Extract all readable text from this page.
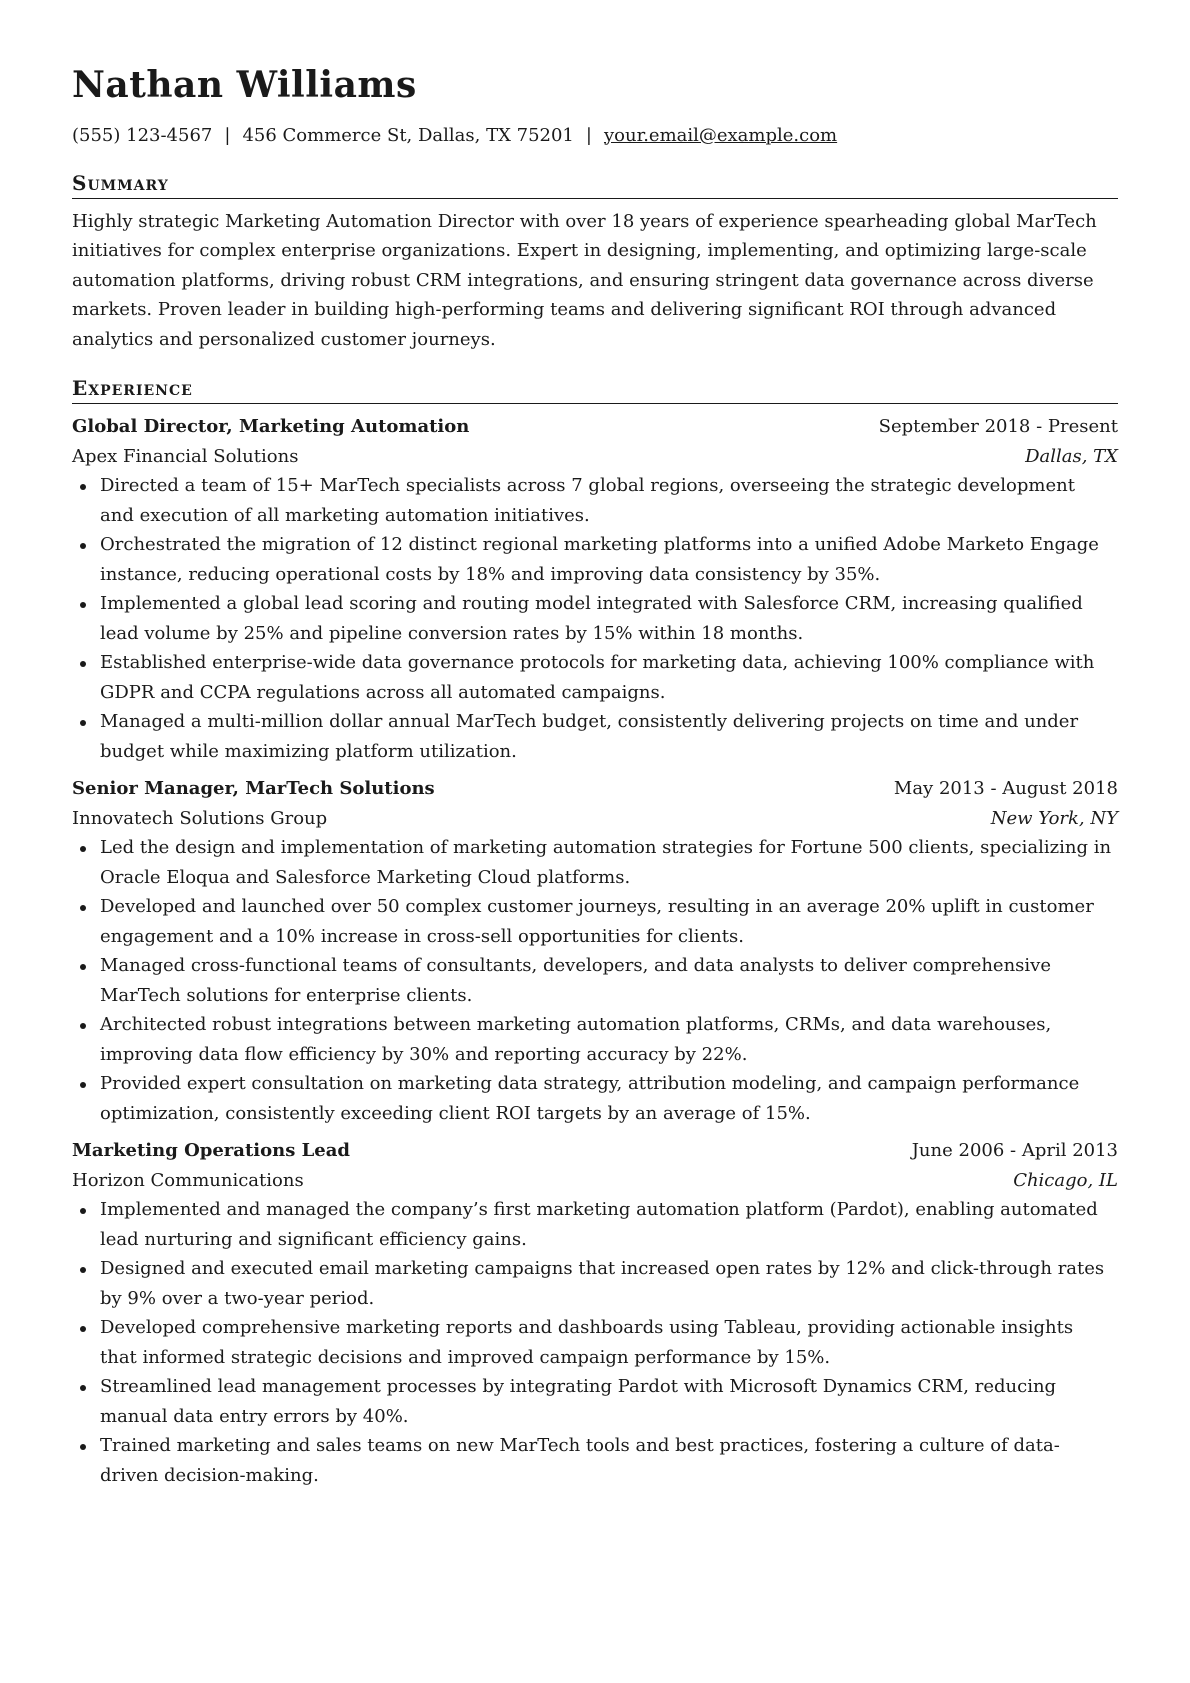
Nathan Williams
(555) 123-4567 | 456 Commerce St, Dallas, TX 75201 | your.email@example.com
Summary

Highly strategic Marketing Automation Director with over 18 years of experience spearheading global MarTech initiatives for complex enterprise organizations. Expert in designing, implementing, and optimizing large-scale automation platforms, driving robust CRM integrations, and ensuring stringent data governance across diverse markets. Proven leader in building high-performing teams and delivering significant ROI through advanced analytics and personalized customer journeys.

Experience
Global Director, Marketing Automation	September 2018 - Present
Apex Financial Solutions	Dallas, TX
Directed a team of 15+ MarTech specialists across 7 global regions, overseeing the strategic development and execution of all marketing automation initiatives.
Orchestrated the migration of 12 distinct regional marketing platforms into a unified Adobe Marketo Engage instance, reducing operational costs by 18% and improving data consistency by 35%.
Implemented a global lead scoring and routing model integrated with Salesforce CRM, increasing qualified lead volume by 25% and pipeline conversion rates by 15% within 18 months.
Established enterprise-wide data governance protocols for marketing data, achieving 100% compliance with GDPR and CCPA regulations across all automated campaigns.
Managed a multi-million dollar annual MarTech budget, consistently delivering projects on time and under budget while maximizing platform utilization.
Senior Manager, MarTech Solutions	May 2013 - August 2018
Innovatech Solutions Group	New York, NY
Led the design and implementation of marketing automation strategies for Fortune 500 clients, specializing in Oracle Eloqua and Salesforce Marketing Cloud platforms.
Developed and launched over 50 complex customer journeys, resulting in an average 20% uplift in customer engagement and a 10% increase in cross-sell opportunities for clients.
Managed cross-functional teams of consultants, developers, and data analysts to deliver comprehensive MarTech solutions for enterprise clients.
Architected robust integrations between marketing automation platforms, CRMs, and data warehouses, improving data flow efficiency by 30% and reporting accuracy by 22%.
Provided expert consultation on marketing data strategy, attribution modeling, and campaign performance optimization, consistently exceeding client ROI targets by an average of 15%.
Marketing Operations Lead	June 2006 - April 2013
Horizon Communications	Chicago, IL
Implemented and managed the company’s first marketing automation platform (Pardot), enabling automated lead nurturing and significant efficiency gains.
Designed and executed email marketing campaigns that increased open rates by 12% and click-through rates by 9% over a two-year period.
Developed comprehensive marketing reports and dashboards using Tableau, providing actionable insights that informed strategic decisions and improved campaign performance by 15%.
Streamlined lead management processes by integrating Pardot with Microsoft Dynamics CRM, reducing manual data entry errors by 40%.
Trained marketing and sales teams on new MarTech tools and best practices, fostering a culture of data-driven decision-making.
